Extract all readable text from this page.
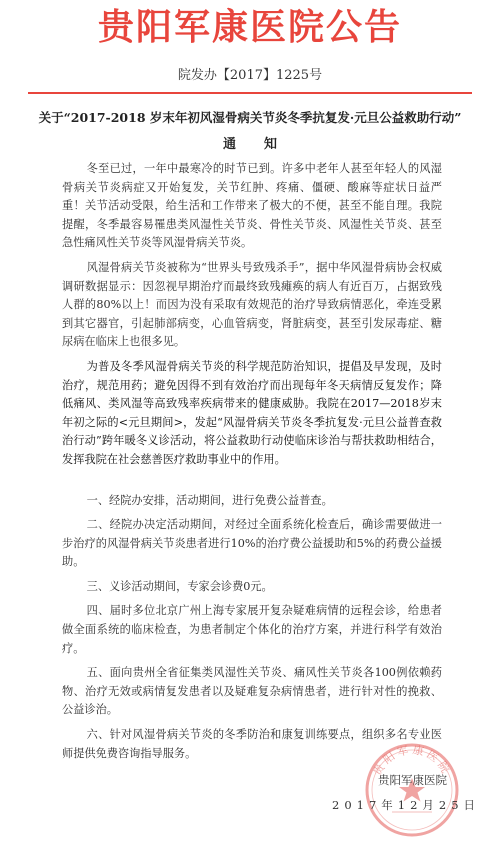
贵阳军康医院公告
院发办【2017】1225号
关于“2017-2018 岁末年初风湿骨病关节炎冬季抗复发·元旦公益救助行动”
通知

冬至已过，一年中最寒冷的时节已到。许多中老年人甚至年轻人的风湿骨病关节炎病症又开始复发，关节红肿、疼痛、僵硬、酸麻等症状日益严重！关节活动受限，给生活和工作带来了极大的不便，甚至不能自理。我院提醒，冬季最容易罹患类风湿性关节炎、骨性关节炎、风湿性关节炎、甚至急性痛风性关节炎等风湿骨病关节炎。

风湿骨病关节炎被称为“世界头号致残杀手”，据中华风湿骨病协会权威调研数据显示：因忽视早期治疗而最终致残瘫痪的病人有近百万，占据致残人群的80%以上！而因为没有采取有效规范的治疗导致病情恶化，牵连受累到其它器官，引起肺部病变，心血管病变，肾脏病变，甚至引发尿毒症、糖尿病在临床上也很多见。

为普及冬季风湿骨病关节炎的科学规范防治知识，提倡及早发现，及时治疗，规范用药；避免因得不到有效治疗而出现每年冬天病情反复发作；降低痛风、类风湿等高致残率疾病带来的健康威胁。我院在2017—2018岁末年初之际的<元旦期间>，发起“风湿骨病关节炎冬季抗复发·元旦公益普查救治行动”跨年暖冬义诊活动，将公益救助行动使临床诊治与帮扶救助相结合，发挥我院在社会慈善医疗救助事业中的作用。

一、经院办安排，活动期间，进行免费公益普查。

二、经院办决定活动期间，对经过全面系统化检查后，确诊需要做进一步治疗的风湿骨病关节炎患者进行10%的治疗费公益援助和5%的药费公益援助。

三、义诊活动期间，专家会诊费0元。

四、届时多位北京广州上海专家展开复杂疑难病情的远程会诊，给患者做全面系统的临床检查，为患者制定个体化的治疗方案，并进行科学有效治疗。

五、面向贵州全省征集类风湿性关节炎、痛风性关节炎各100例依赖药物、治疗无效或病情复发患者以及疑难复杂病情患者，进行针对性的挽救、公益诊治。

六、针对风湿骨病关节炎的冬季防治和康复训练要点，组织多名专业医师提供免费咨询指导服务。

贵阳军康医院
贵阳军康医院
2017年12月25日
